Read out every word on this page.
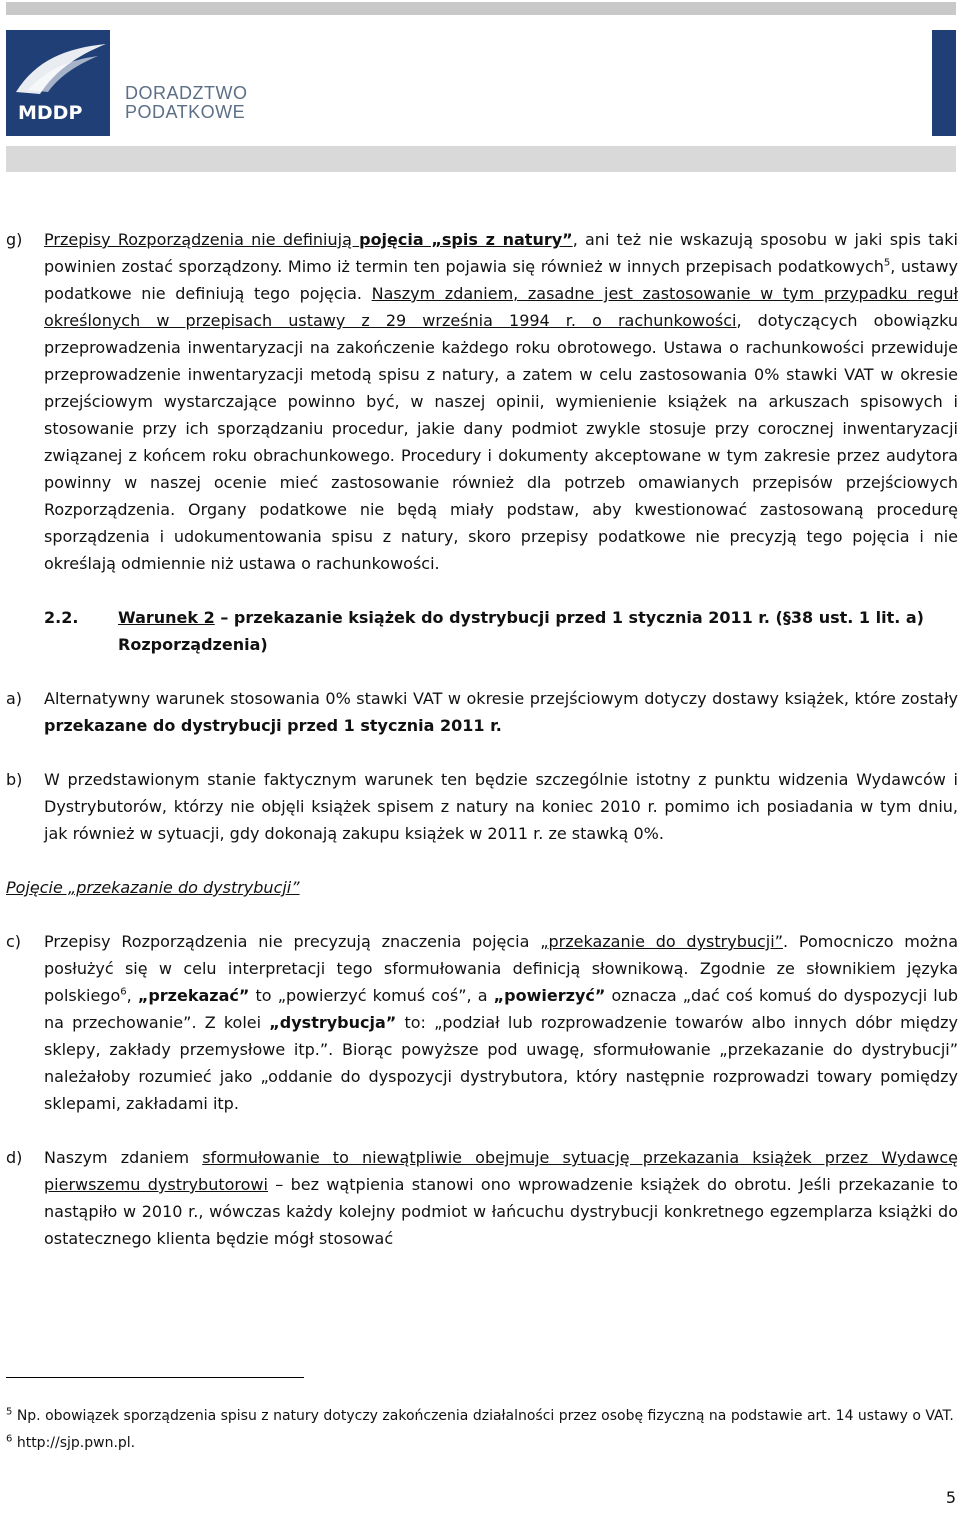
MDDP
DORADZTWO
PODATKOWE
g) Przepisy Rozporządzenia nie definiują pojęcia „spis z natury”, ani też nie wskazują sposobu w jaki spis taki powinien zostać sporządzony. Mimo iż termin ten pojawia się również w innych przepisach podatkowych$^5$, ustawy podatkowe nie definiują tego pojęcia. Naszym zdaniem, zasadne jest zastosowanie w tym przypadku reguł określonych w przepisach ustawy z 29 września 1994 r. o rachunkowości, dotyczących obowiązku przeprowadzenia inwentaryzacji na zakończenie każdego roku obrotowego. Ustawa o rachunkowości przewiduje przeprowadzenie inwentaryzacji metodą spisu z natury, a zatem w celu zastosowania 0% stawki VAT w okresie przejściowym wystarczające powinno być, w naszej opinii, wymienienie książek na arkuszach spisowych i stosowanie przy ich sporządzaniu procedur, jakie dany podmiot zwykle stosuje przy corocznej inwentaryzacji związanej z końcem roku obrachunkowego. Procedury i dokumenty akceptowane w tym zakresie przez audytora powinny w naszej ocenie mieć zastosowanie również dla potrzeb omawianych przepisów przejściowych Rozporządzenia. Organy podatkowe nie będą miały podstaw, aby kwestionować zastosowaną procedurę sporządzenia i udokumentowania spisu z natury, skoro przepisy podatkowe nie precyzją tego pojęcia i nie określają odmiennie niż ustawa o rachunkowości.
2.2. Warunek 2 – przekazanie książek do dystrybucji przed 1 stycznia 2011 r. (§38 ust. 1 lit. a) Rozporządzenia)
a) Alternatywny warunek stosowania 0% stawki VAT w okresie przejściowym dotyczy dostawy książek, które zostały przekazane do dystrybucji przed 1 stycznia 2011 r.
b) W przedstawionym stanie faktycznym warunek ten będzie szczególnie istotny z punktu widzenia Wydawców i Dystrybutorów, którzy nie objęli książek spisem z natury na koniec 2010 r. pomimo ich posiadania w tym dniu, jak również w sytuacji, gdy dokonają zakupu książek w 2011 r. ze stawką 0%.
Pojęcie „przekazanie do dystrybucji”
c) Przepisy Rozporządzenia nie precyzują znaczenia pojęcia „przekazanie do dystrybucji”. Pomocniczo można posłużyć się w celu interpretacji tego sformułowania definicją słownikową. Zgodnie ze słownikiem języka polskiego$^6$, „przekazać” to „powierzyć komuś coś”, a „powierzyć” oznacza „dać coś komuś do dyspozycji lub na przechowanie”. Z kolei „dystrybucja” to: „podział lub rozprowadzenie towarów albo innych dóbr między sklepy, zakłady przemysłowe itp.”. Biorąc powyższe pod uwagę, sformułowanie „przekazanie do dystrybucji” należałoby rozumieć jako „oddanie do dyspozycji dystrybutora, który następnie rozprowadzi towary pomiędzy sklepami, zakładami itp.
d) Naszym zdaniem sformułowanie to niewątpliwie obejmuje sytuację przekazania książek przez Wydawcę pierwszemu dystrybutorowi – bez wątpienia stanowi ono wprowadzenie książek do obrotu. Jeśli przekazanie to nastąpiło w 2010 r., wówczas każdy kolejny podmiot w łańcuchu dystrybucji konkretnego egzemplarza książki do ostatecznego klienta będzie mógł stosować
$^5$ Np. obowiązek sporządzenia spisu z natury dotyczy zakończenia działalności przez osobę fizyczną na podstawie art. 14 ustawy o VAT.
$^6$ http://sjp.pwn.pl.
5
